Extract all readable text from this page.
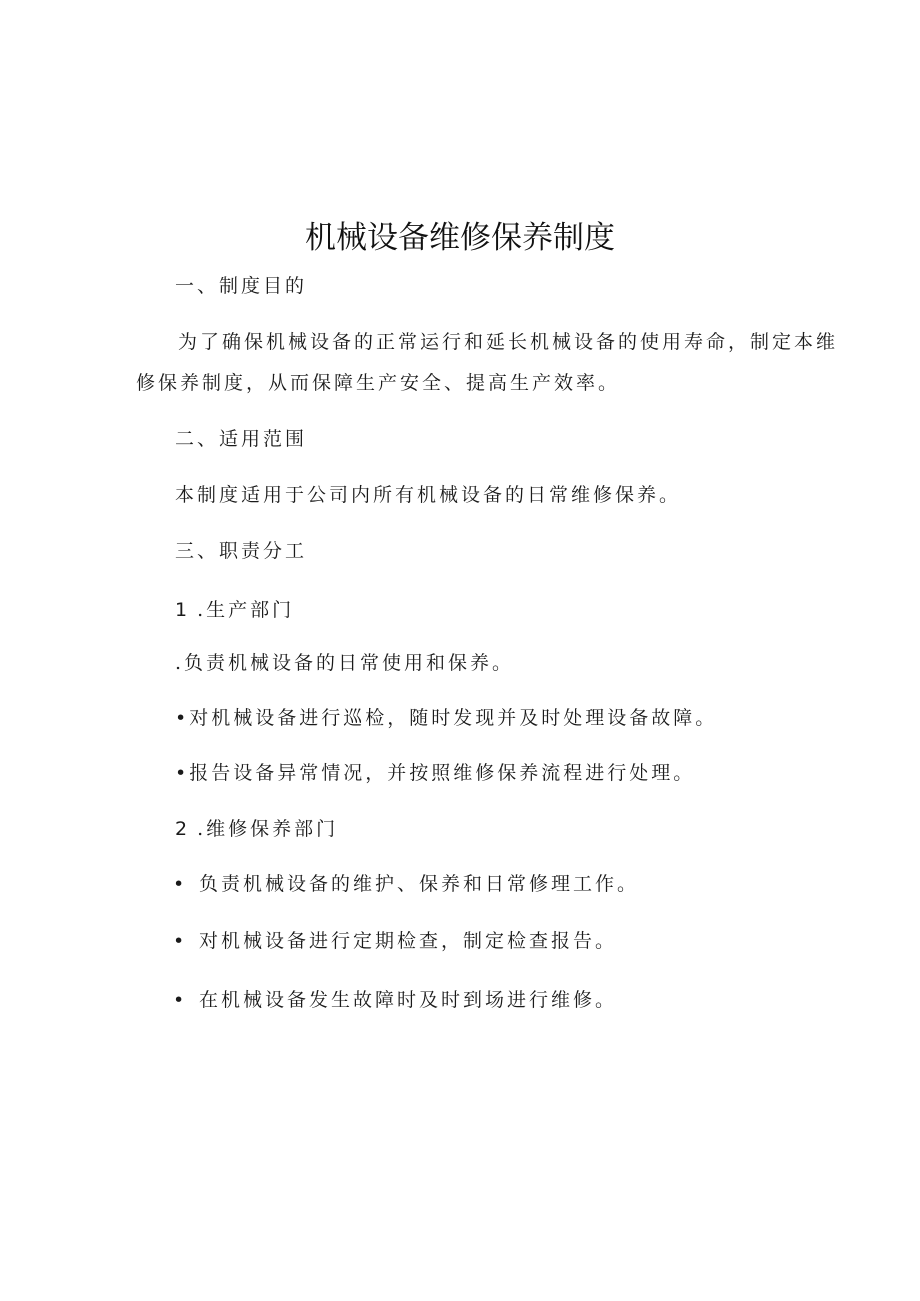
机械设备维修保养制度
一、制度目的
为了确保机械设备的正常运行和延长机械设备的使用寿命，制定本维
修保养制度，从而保障生产安全、提高生产效率。
二、适用范围
本制度适用于公司内所有机械设备的日常维修保养。
三、职责分工
1 .生产部门
.负责机械设备的日常使用和保养。
•对机械设备进行巡检，随时发现并及时处理设备故障。
•报告设备异常情况，并按照维修保养流程进行处理。
2 .维修保养部门
• 负责机械设备的维护、保养和日常修理工作。
• 对机械设备进行定期检查，制定检查报告。
• 在机械设备发生故障时及时到场进行维修。
